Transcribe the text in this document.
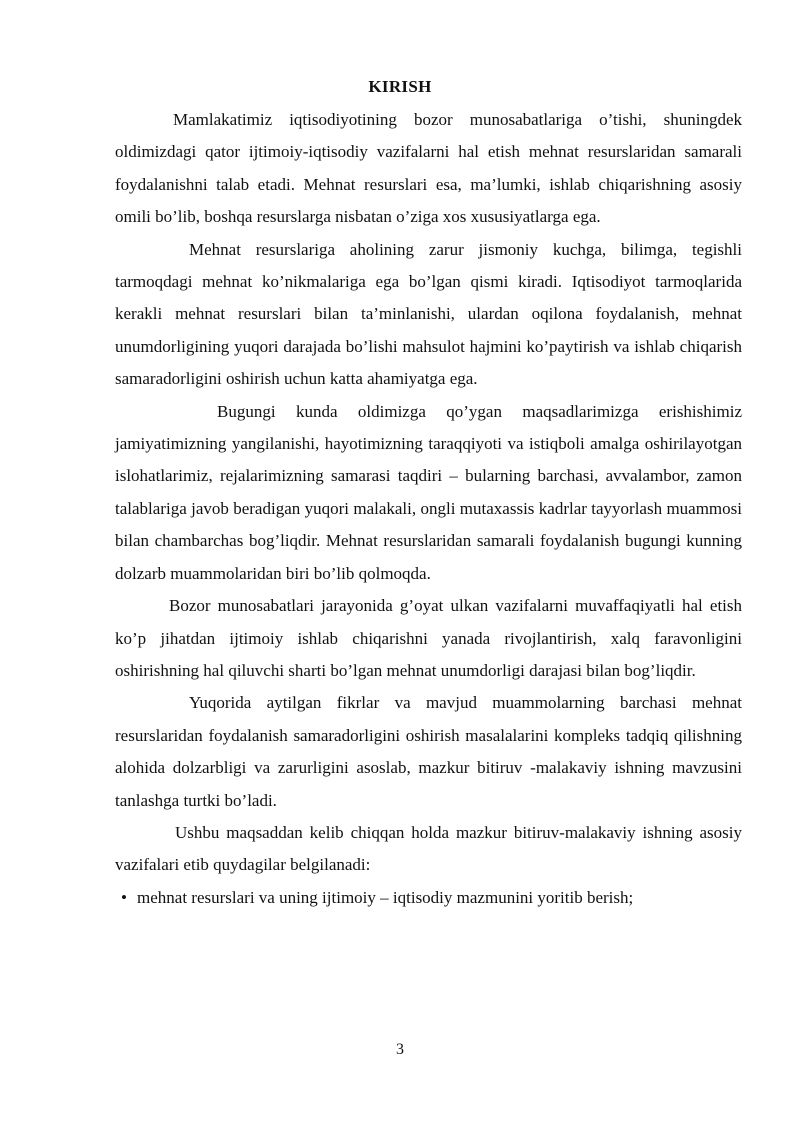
KIRISH

Mamlakatimiz iqtisodiyotining bozor munosabatlariga o’tishi, shuningdek oldimizdagi qator ijtimoiy-iqtisodiy vazifalarni hal etish mehnat resurslaridan samarali foydalanishni talab etadi. Mehnat resurslari esa, ma’lumki, ishlab chiqarishning asosiy omili bo’lib, boshqa resurslarga nisbatan o’ziga xos xususiyatlarga ega.

Mehnat resurslariga aholining zarur jismoniy kuchga, bilimga, tegishli tarmoqdagi mehnat ko’nikmalariga ega bo’lgan qismi kiradi. Iqtisodiyot tarmoqlarida kerakli mehnat resurslari bilan ta’minlanishi, ulardan oqilona foydalanish, mehnat unumdorligining yuqori darajada bo’lishi mahsulot hajmini ko’paytirish va ishlab chiqarish samaradorligini oshirish uchun katta ahamiyatga ega.

Bugungi kunda oldimizga qo’ygan maqsadlarimizga erishishimiz jamiyatimizning yangilanishi, hayotimizning taraqqiyoti va istiqboli amalga oshirilayotgan islohatlarimiz, rejalarimizning samarasi taqdiri – bularning barchasi, avvalambor, zamon talablariga javob beradigan yuqori malakali, ongli mutaxassis kadrlar tayyorlash muammosi bilan chambarchas bog’liqdir. Mehnat resurslaridan samarali foydalanish bugungi kunning dolzarb muammolaridan biri bo’lib qolmoqda.

Bozor munosabatlari jarayonida g’oyat ulkan vazifalarni muvaffaqiyatli hal etish ko’p jihatdan ijtimoiy ishlab chiqarishni yanada rivojlantirish, xalq faravonligini oshirishning hal qiluvchi sharti bo’lgan mehnat unumdorligi darajasi bilan bog’liqdir.

Yuqorida aytilgan fikrlar va mavjud muammolarning barchasi mehnat resurslaridan foydalanish samaradorligini oshirish masalalarini kompleks tadqiq qilishning alohida dolzarbligi va zarurligini asoslab, mazkur bitiruv -malakaviy ishning mavzusini tanlashga turtki bo’ladi.

Ushbu maqsaddan kelib chiqqan holda mazkur bitiruv-malakaviy ishning asosiy vazifalari etib quydagilar belgilanadi:

• mehnat resurslari va uning ijtimoiy – iqtisodiy mazmunini yoritib berish;

3
